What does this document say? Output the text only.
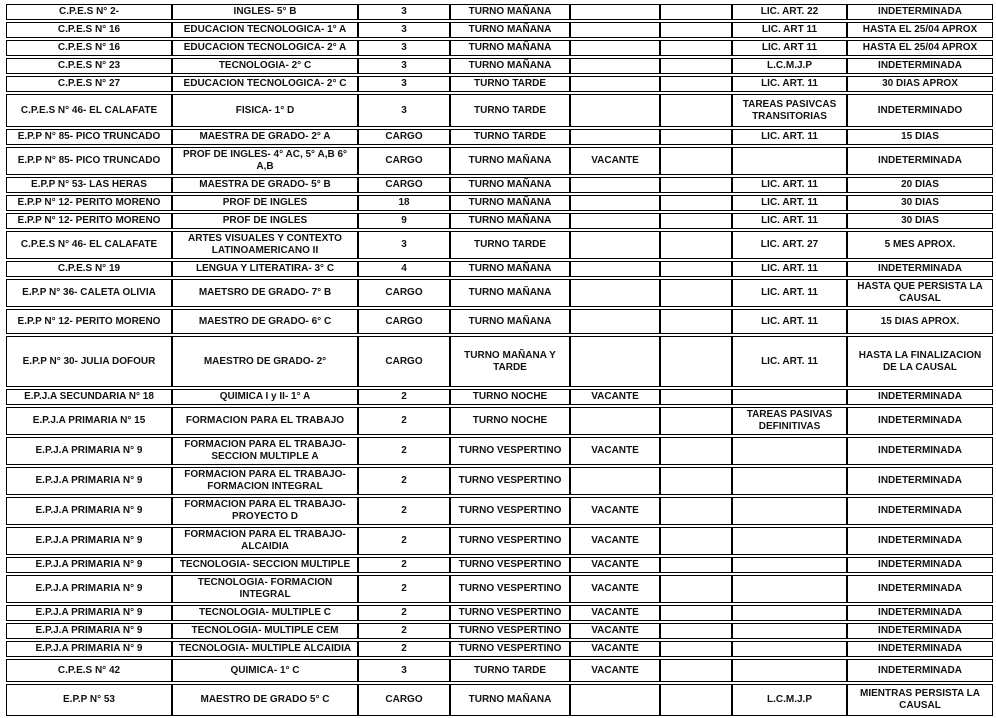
C.P.E.S N° 2-	INGLES- 5° B	3	TURNO MAÑANA			LIC. ART. 22	INDETERMINADA
C.P.E.S N° 16	EDUCACION TECNOLOGICA- 1° A	3	TURNO MAÑANA			LIC. ART 11	HASTA EL 25/04 APROX
C.P.E.S N° 16	EDUCACION TECNOLOGICA- 2° A	3	TURNO MAÑANA			LIC. ART 11	HASTA EL 25/04 APROX
C.P.E.S N° 23	TECNOLOGIA- 2° C	3	TURNO MAÑANA			L.C.M.J.P	INDETERMINADA
C.P.E.S N° 27	EDUCACION TECNOLOGICA- 2° C	3	TURNO TARDE			LIC. ART. 11	30 DIAS APROX
C.P.E.S N° 46- EL CALAFATE	FISICA- 1° D	3	TURNO TARDE			TAREAS PASIVCAS TRANSITORIAS	INDETERMINADO
E.P.P N° 85- PICO TRUNCADO	MAESTRA DE GRADO- 2° A	CARGO	TURNO TARDE			LIC. ART. 11	15 DIAS
E.P.P N° 85- PICO TRUNCADO	PROF DE INGLES- 4° AC, 5° A,B 6° A,B	CARGO	TURNO MAÑANA	VACANTE			INDETERMINADA
E.P.P N° 53- LAS HERAS	MAESTRA DE GRADO- 5° B	CARGO	TURNO MAÑANA			LIC. ART. 11	20 DIAS
E.P.P N° 12- PERITO MORENO	PROF DE INGLES	18	TURNO MAÑANA			LIC. ART. 11	30 DIAS
E.P.P N° 12- PERITO MORENO	PROF DE INGLES	9	TURNO MAÑANA			LIC. ART. 11	30 DIAS
C.P.E.S N° 46- EL CALAFATE	ARTES VISUALES Y CONTEXTO LATINOAMERICANO II	3	TURNO TARDE			LIC. ART. 27	5 MES APROX.
C.P.E.S N° 19	LENGUA Y LITERATIRA- 3° C	4	TURNO MAÑANA			LIC. ART. 11	INDETERMINADA
E.P.P N° 36- CALETA OLIVIA	MAETSRO DE GRADO- 7° B	CARGO	TURNO MAÑANA			LIC. ART. 11	HASTA QUE PERSISTA LA CAUSAL
E.P.P N° 12- PERITO MORENO	MAESTRO DE GRADO- 6° C	CARGO	TURNO MAÑANA			LIC. ART. 11	15 DIAS APROX.
E.P.P N° 30- JULIA DOFOUR	MAESTRO DE GRADO- 2°	CARGO	TURNO MAÑANA Y TARDE			LIC. ART. 11	HASTA LA FINALIZACION DE LA CAUSAL
E.P.J.A SECUNDARIA N° 18	QUIMICA I y II- 1° A	2	TURNO NOCHE	VACANTE			INDETERMINADA
E.P.J.A PRIMARIA N° 15	FORMACION PARA EL TRABAJO	2	TURNO NOCHE			TAREAS PASIVAS DEFINITIVAS	INDETERMINADA
E.P.J.A PRIMARIA N° 9	FORMACION PARA EL TRABAJO- SECCION MULTIPLE A	2	TURNO VESPERTINO	VACANTE			INDETERMINADA
E.P.J.A PRIMARIA N° 9	FORMACION PARA EL TRABAJO- FORMACION INTEGRAL	2	TURNO VESPERTINO				INDETERMINADA
E.P.J.A PRIMARIA N° 9	FORMACION PARA EL TRABAJO- PROYECTO D	2	TURNO VESPERTINO	VACANTE			INDETERMINADA
E.P.J.A PRIMARIA N° 9	FORMACION PARA EL TRABAJO- ALCAIDIA	2	TURNO VESPERTINO	VACANTE			INDETERMINADA
E.P.J.A PRIMARIA N° 9	TECNOLOGIA- SECCION MULTIPLE	2	TURNO VESPERTINO	VACANTE			INDETERMINADA
E.P.J.A PRIMARIA N° 9	TECNOLOGIA- FORMACION INTEGRAL	2	TURNO VESPERTINO	VACANTE			INDETERMINADA
E.P.J.A PRIMARIA N° 9	TECNOLOGIA- MULTIPLE C	2	TURNO VESPERTINO	VACANTE			INDETERMINADA
E.P.J.A PRIMARIA N° 9	TECNOLOGIA- MULTIPLE CEM	2	TURNO VESPERTINO	VACANTE			INDETERMINADA
E.P.J.A PRIMARIA N° 9	TECNOLOGIA- MULTIPLE ALCAIDIA	2	TURNO VESPERTINO	VACANTE			INDETERMINADA
C.P.E.S N° 42	QUIMICA- 1° C	3	TURNO TARDE	VACANTE			INDETERMINADA
E.P.P N° 53	MAESTRO DE GRADO 5° C	CARGO	TURNO MAÑANA			L.C.M.J.P	MIENTRAS PERSISTA LA CAUSAL
